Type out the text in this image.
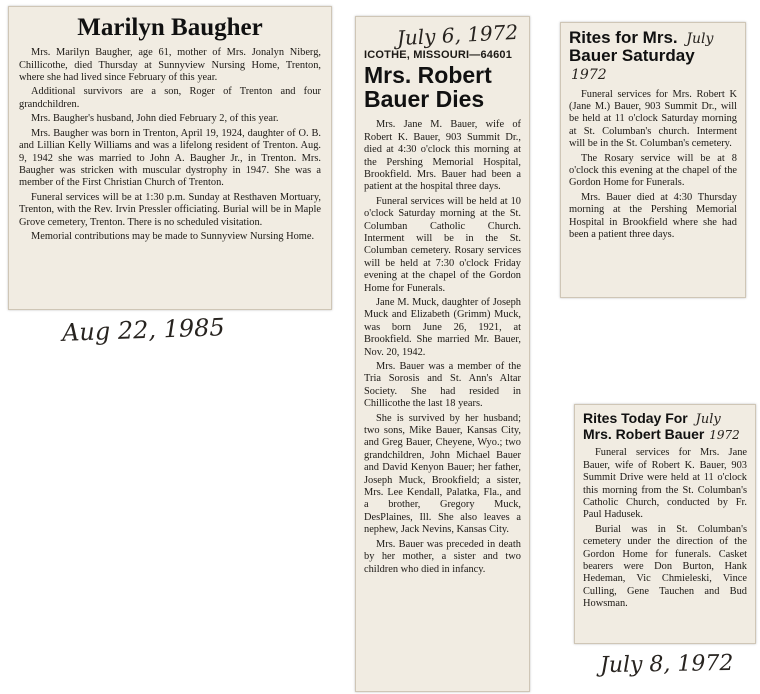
Marilyn Baugher

Mrs. Marilyn Baugher, age 61, mother of Mrs. Jonalyn Niberg, Chillicothe, died Thursday at Sunnyview Nursing Home, Trenton, where she had lived since February of this year.

Additional survivors are a son, Roger of Trenton and four grandchildren.

Mrs. Baugher's husband, John died February 2, of this year.

Mrs. Baugher was born in Trenton, April 19, 1924, daughter of O. B. and Lillian Kelly Williams and was a lifelong resident of Trenton. Aug. 9, 1942 she was married to John A. Baugher Jr., in Trenton. Mrs. Baugher was stricken with muscular dystrophy in 1947. She was a member of the First Christian Church of Trenton.

Funeral services will be at 1:30 p.m. Sunday at Resthaven Mortuary, Trenton, with the Rev. Irvin Pressler officiating. Burial will be in Maple Grove cemetery, Trenton. There is no scheduled visitation.

Memorial contributions may be made to Sunnyview Nursing Home.

Aug 22, 1985
July 6, 1972
ICOTHE, MISSOURI—64601
Mrs. Robert
Bauer Dies

Mrs. Jane M. Bauer, wife of Robert K. Bauer, 903 Summit Dr., died at 4:30 o'clock this morning at the Pershing Memorial Hospital, Brookfield. Mrs. Bauer had been a patient at the hospital three days.

Funeral services will be held at 10 o'clock Saturday morning at the St. Columban Catholic Church. Interment will be in the St. Columban cemetery. Rosary services will be held at 7:30 o'clock Friday evening at the chapel of the Gordon Home for Funerals.

Jane M. Muck, daughter of Joseph Muck and Elizabeth (Grimm) Muck, was born June 26, 1921, at Brookfield. She married Mr. Bauer, Nov. 20, 1942.

Mrs. Bauer was a member of the Tria Sorosis and St. Ann's Altar Society. She had resided in Chillicothe the last 18 years.

She is survived by her husband; two sons, Mike Bauer, Kansas City, and Greg Bauer, Cheyene, Wyo.; two grandchildren, John Michael Bauer and David Kenyon Bauer; her father, Joseph Muck, Brookfield; a sister, Mrs. Lee Kendall, Palatka, Fla., and a brother, Gregory Muck, DesPlaines, Ill. She also leaves a nephew, Jack Nevins, Kansas City.

Mrs. Bauer was preceded in death by her mother, a sister and two children who died in infancy.

Rites for Mrs. July
Bauer Saturday 1972

Funeral services for Mrs. Robert K (Jane M.) Bauer, 903 Summit Dr., will be held at 11 o'clock Saturday morning at St. Columban's church. Interment will be in the St. Columban's cemetery.

The Rosary service will be at 8 o'clock this evening at the chapel of the Gordon Home for Funerals.

Mrs. Bauer died at 4:30 Thursday morning at the Pershing Memorial Hospital in Brookfield where she had been a patient three days.

Rites Today For July
Mrs. Robert Bauer 1972

Funeral services for Mrs. Jane Bauer, wife of Robert K. Bauer, 903 Summit Drive were held at 11 o'clock this morning from the St. Columban's Catholic Church, conducted by Fr. Paul Hadusek.

Burial was in St. Columban's cemetery under the direction of the Gordon Home for funerals. Casket bearers were Don Burton, Hank Hedeman, Vic Chmieleski, Vince Culling, Gene Tauchen and Bud Howsman.

July 8, 1972
